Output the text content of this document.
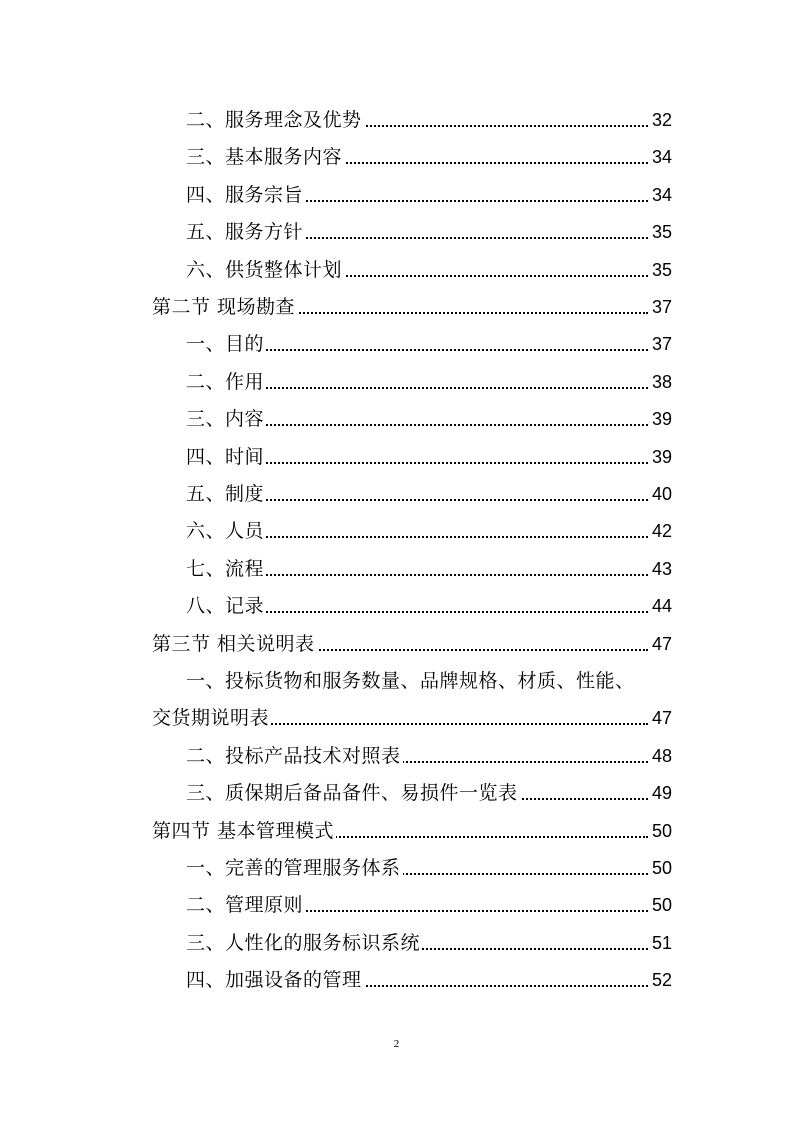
二、服务理念及优势	32
三、基本服务内容	34
四、服务宗旨	34
五、服务方针	35
六、供货整体计划	35
第二节 现场勘查	37
一、目的	37
二、作用	38
三、内容	39
四、时间	39
五、制度	40
六、人员	42
七、流程	43
八、记录	44
第三节 相关说明表	47
一、投标货物和服务数量、品牌规格、材质、性能、
交货期说明表	47
二、投标产品技术对照表	48
三、质保期后备品备件、易损件一览表	49
第四节 基本管理模式	50
一、完善的管理服务体系	50
二、管理原则	50
三、人性化的服务标识系统	51
四、加强设备的管理	52
2
